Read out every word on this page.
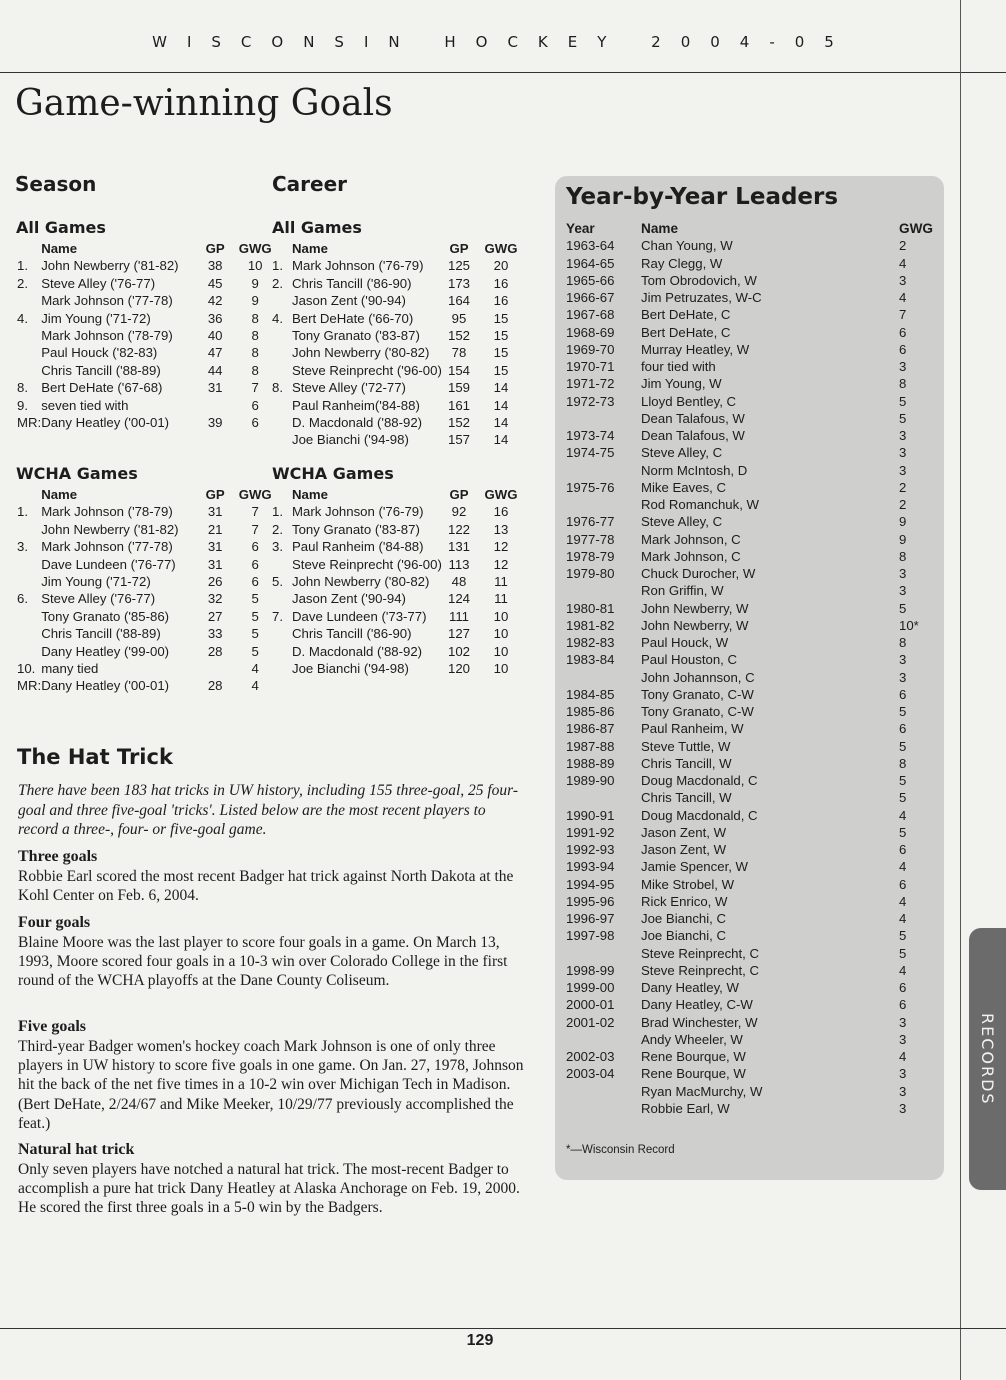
WISCONSIN HOCKEY 2004-05
Game-winning Goals
Season
All Games
	Name	GP	GWG
1.	John Newberry ('81-82)	38	10
2.	Steve Alley ('76-77)	45	9
	Mark Johnson ('77-78)	42	9
4.	Jim Young ('71-72)	36	8
	Mark Johnson ('78-79)	40	8
	Paul Houck ('82-83)	47	8
	Chris Tancill ('88-89)	44	8
8.	Bert DeHate ('67-68)	31	7
9.	seven tied with		6
MR:	Dany Heatley ('00-01)	39	6
WCHA Games
	Name	GP	GWG
1.	Mark Johnson ('78-79)	31	7
	John Newberry ('81-82)	21	7
3.	Mark Johnson ('77-78)	31	6
	Dave Lundeen ('76-77)	31	6
	Jim Young ('71-72)	26	6
6.	Steve Alley ('76-77)	32	5
	Tony Granato ('85-86)	27	5
	Chris Tancill ('88-89)	33	5
	Dany Heatley ('99-00)	28	5
10.	many tied		4
MR:	Dany Heatley ('00-01)	28	4
Career
All Games
	Name	GP	GWG
1.	Mark Johnson ('76-79)	125	20
2.	Chris Tancill ('86-90)	173	16
	Jason Zent ('90-94)	164	16
4.	Bert DeHate ('66-70)	95	15
	Tony Granato ('83-87)	152	15
	John Newberry ('80-82)	78	15
	Steve Reinprecht ('96-00)	154	15
8.	Steve Alley ('72-77)	159	14
	Paul Ranheim('84-88)	161	14
	D. Macdonald ('88-92)	152	14
	Joe Bianchi ('94-98)	157	14
WCHA Games
	Name	GP	GWG
1.	Mark Johnson ('76-79)	92	16
2.	Tony Granato ('83-87)	122	13
3.	Paul Ranheim ('84-88)	131	12
	Steve Reinprecht ('96-00)	113	12
5.	John Newberry ('80-82)	48	11
	Jason Zent ('90-94)	124	11
7.	Dave Lundeen ('73-77)	111	10
	Chris Tancill ('86-90)	127	10
	D. Macdonald ('88-92)	102	10
	Joe Bianchi ('94-98)	120	10
The Hat Trick

There have been 183 hat tricks in UW history, including 155 three-goal, 25 four-goal and three five-goal 'tricks'. Listed below are the most recent players to record a three-, four- or five-goal game.

Three goals

Robbie Earl scored the most recent Badger hat trick against North Dakota at the Kohl Center on Feb. 6, 2004.

Four goals

Blaine Moore was the last player to score four goals in a game. On March 13, 1993, Moore scored four goals in a 10-3 win over Colorado College in the first round of the WCHA playoffs at the Dane County Coliseum.

Five goals

Third-year Badger women's hockey coach Mark Johnson is one of only three players in UW history to score five goals in one game. On Jan. 27, 1978, Johnson hit the back of the net five times in a 10-2 win over Michigan Tech in Madison. (Bert DeHate, 2/24/67 and Mike Meeker, 10/29/77 previously accomplished the feat.)

Natural hat trick

Only seven players have notched a natural hat trick. The most-recent Badger to accomplish a pure hat trick Dany Heatley at Alaska Anchorage on Feb. 19, 2000. He scored the first three goals in a 5-0 win by the Badgers.

Year-by-Year Leaders
Year	Name	GWG
1963-64	Chan Young, W	2
1964-65	Ray Clegg, W	4
1965-66	Tom Obrodovich, W	3
1966-67	Jim Petruzates, W-C	4
1967-68	Bert DeHate, C	7
1968-69	Bert DeHate, C	6
1969-70	Murray Heatley, W	6
1970-71	four tied with	3
1971-72	Jim Young, W	8
1972-73	Lloyd Bentley, C	5
	Dean Talafous, W	5
1973-74	Dean Talafous, W	3
1974-75	Steve Alley, C	3
	Norm McIntosh, D	3
1975-76	Mike Eaves, C	2
	Rod Romanchuk, W	2
1976-77	Steve Alley, C	9
1977-78	Mark Johnson, C	9
1978-79	Mark Johnson, C	8
1979-80	Chuck Durocher, W	3
	Ron Griffin, W	3
1980-81	John Newberry, W	5
1981-82	John Newberry, W	10*
1982-83	Paul Houck, W	8
1983-84	Paul Houston, C	3
	John Johannson, C	3
1984-85	Tony Granato, C-W	6
1985-86	Tony Granato, C-W	5
1986-87	Paul Ranheim, W	6
1987-88	Steve Tuttle, W	5
1988-89	Chris Tancill, W	8
1989-90	Doug Macdonald, C	5
	Chris Tancill, W	5
1990-91	Doug Macdonald, C	4
1991-92	Jason Zent, W	5
1992-93	Jason Zent, W	6
1993-94	Jamie Spencer, W	4
1994-95	Mike Strobel, W	6
1995-96	Rick Enrico, W	4
1996-97	Joe Bianchi, C	4
1997-98	Joe Bianchi, C	5
	Steve Reinprecht, C	5
1998-99	Steve Reinprecht, C	4
1999-00	Dany Heatley, W	6
2000-01	Dany Heatley, C-W	6
2001-02	Brad Winchester, W	3
	Andy Wheeler, W	3
2002-03	Rene Bourque, W	4
2003-04	Rene Bourque, W	3
	Ryan MacMurchy, W	3
	Robbie Earl, W	3

*—Wisconsin Record

RECORDS

129
